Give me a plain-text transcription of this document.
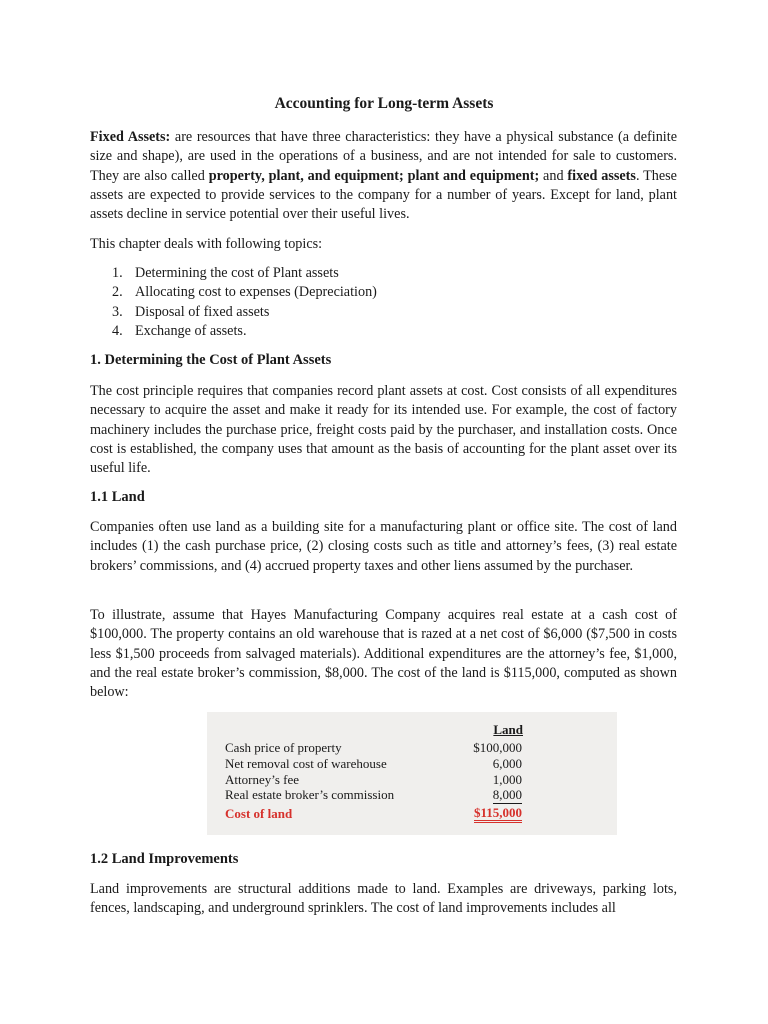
Accounting for Long-term Assets

Fixed Assets: are resources that have three characteristics: they have a physical substance (a definite size and shape), are used in the operations of a business, and are not intended for sale to customers. They are also called property, plant, and equipment; plant and equipment; and fixed assets. These assets are expected to provide services to the company for a number of years. Except for land, plant assets decline in service potential over their useful lives.

This chapter deals with following topics:

1. Determining the cost of Plant assets
2. Allocating cost to expenses (Depreciation)
3. Disposal of fixed assets
4. Exchange of assets.
1. Determining the Cost of Plant Assets

The cost principle requires that companies record plant assets at cost. Cost consists of all expenditures necessary to acquire the asset and make it ready for its intended use. For example, the cost of factory machinery includes the purchase price, freight costs paid by the purchaser, and installation costs. Once cost is established, the company uses that amount as the basis of accounting for the plant asset over its useful life.

1.1 Land

Companies often use land as a building site for a manufacturing plant or office site. The cost of land includes (1) the cash purchase price, (2) closing costs such as title and attorney’s fees, (3) real estate brokers’ commissions, and (4) accrued property taxes and other liens assumed by the purchaser.

To illustrate, assume that Hayes Manufacturing Company acquires real estate at a cash cost of $100,000. The property contains an old warehouse that is razed at a net cost of $6,000 ($7,500 in costs less $1,500 proceeds from salvaged materials). Additional expenditures are the attorney’s fee, $1,000, and the real estate broker’s commission, $8,000. The cost of the land is $115,000, computed as shown below:

Land
Cash price of property	$100,000
Net removal cost of warehouse	6,000
Attorney’s fee	1,000
Real estate broker’s commission	8,000
Cost of land	$115,000
1.2 Land Improvements

Land improvements are structural additions made to land. Examples are driveways, parking lots, fences, landscaping, and underground sprinklers. The cost of land improvements includes all
